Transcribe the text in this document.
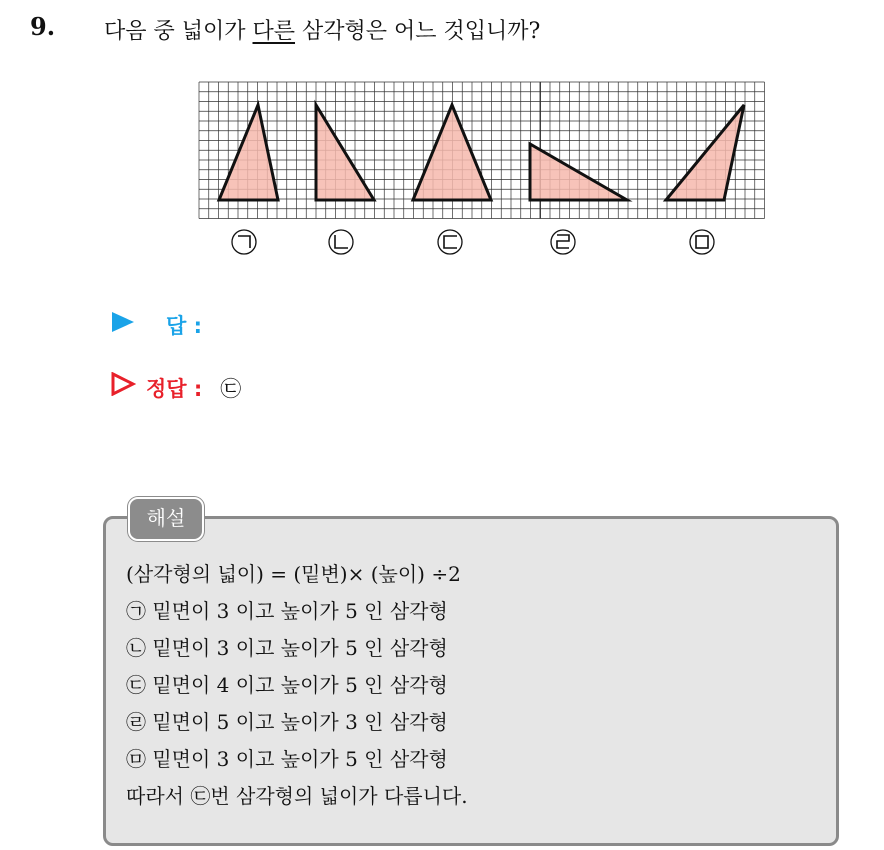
9. 다음 중 넓이가 다른 삼각형은 어느 것입니까?
답 :
정답 : ㉢
해설
(삼각형의 넓이) = (밑변)× (높이) ÷2
㉠ 밑면이 3 이고 높이가 5 인 삼각형
㉡ 밑면이 3 이고 높이가 5 인 삼각형
㉢ 밑면이 4 이고 높이가 5 인 삼각형
㉣ 밑면이 5 이고 높이가 3 인 삼각형
㉤ 밑면이 3 이고 높이가 5 인 삼각형
따라서 ㉢번 삼각형의 넓이가 다릅니다.
